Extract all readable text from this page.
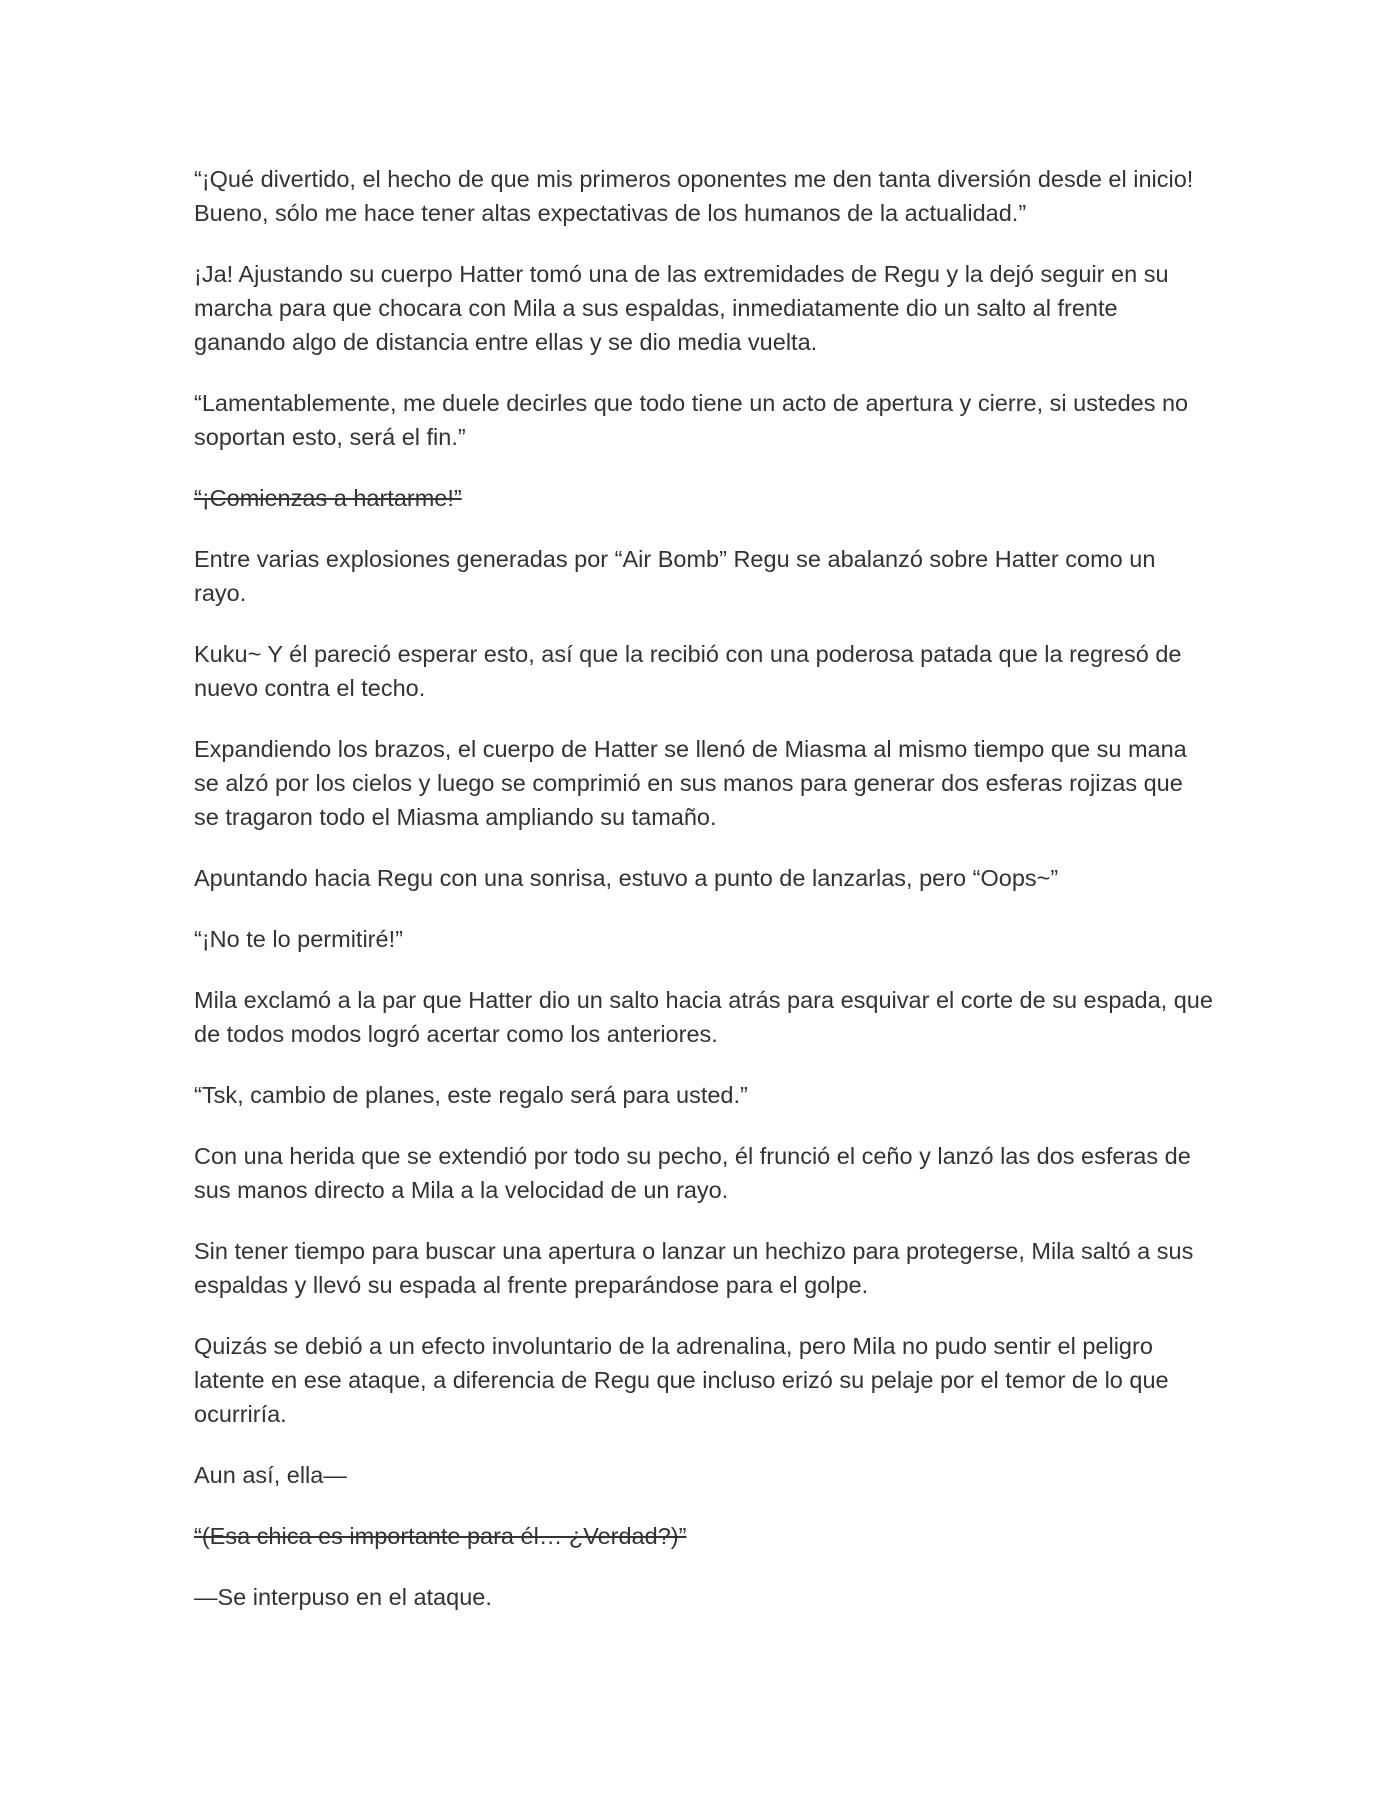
“¡Qué divertido, el hecho de que mis primeros oponentes me den tanta diversión desde el inicio! Bueno, sólo me hace tener altas expectativas de los humanos de la actualidad.”

¡Ja! Ajustando su cuerpo Hatter tomó una de las extremidades de Regu y la dejó seguir en su marcha para que chocara con Mila a sus espaldas, inmediatamente dio un salto al frente ganando algo de distancia entre ellas y se dio media vuelta.

“Lamentablemente, me duele decirles que todo tiene un acto de apertura y cierre, si ustedes no soportan esto, será el fin.”

“¡Comienzas a hartarme!”

Entre varias explosiones generadas por “Air Bomb” Regu se abalanzó sobre Hatter como un rayo.

Kuku~ Y él pareció esperar esto, así que la recibió con una poderosa patada que la regresó de nuevo contra el techo.

Expandiendo los brazos, el cuerpo de Hatter se llenó de Miasma al mismo tiempo que su mana se alzó por los cielos y luego se comprimió en sus manos para generar dos esferas rojizas que se tragaron todo el Miasma ampliando su tamaño.

Apuntando hacia Regu con una sonrisa, estuvo a punto de lanzarlas, pero “Oops~”

“¡No te lo permitiré!”

Mila exclamó a la par que Hatter dio un salto hacia atrás para esquivar el corte de su espada, que de todos modos logró acertar como los anteriores.

“Tsk, cambio de planes, este regalo será para usted.”

Con una herida que se extendió por todo su pecho, él frunció el ceño y lanzó las dos esferas de sus manos directo a Mila a la velocidad de un rayo.

Sin tener tiempo para buscar una apertura o lanzar un hechizo para protegerse, Mila saltó a sus espaldas y llevó su espada al frente preparándose para el golpe.

Quizás se debió a un efecto involuntario de la adrenalina, pero Mila no pudo sentir el peligro latente en ese ataque, a diferencia de Regu que incluso erizó su pelaje por el temor de lo que ocurriría.

Aun así, ella—

“(Esa chica es importante para él… ¿Verdad?)”

—Se interpuso en el ataque.
